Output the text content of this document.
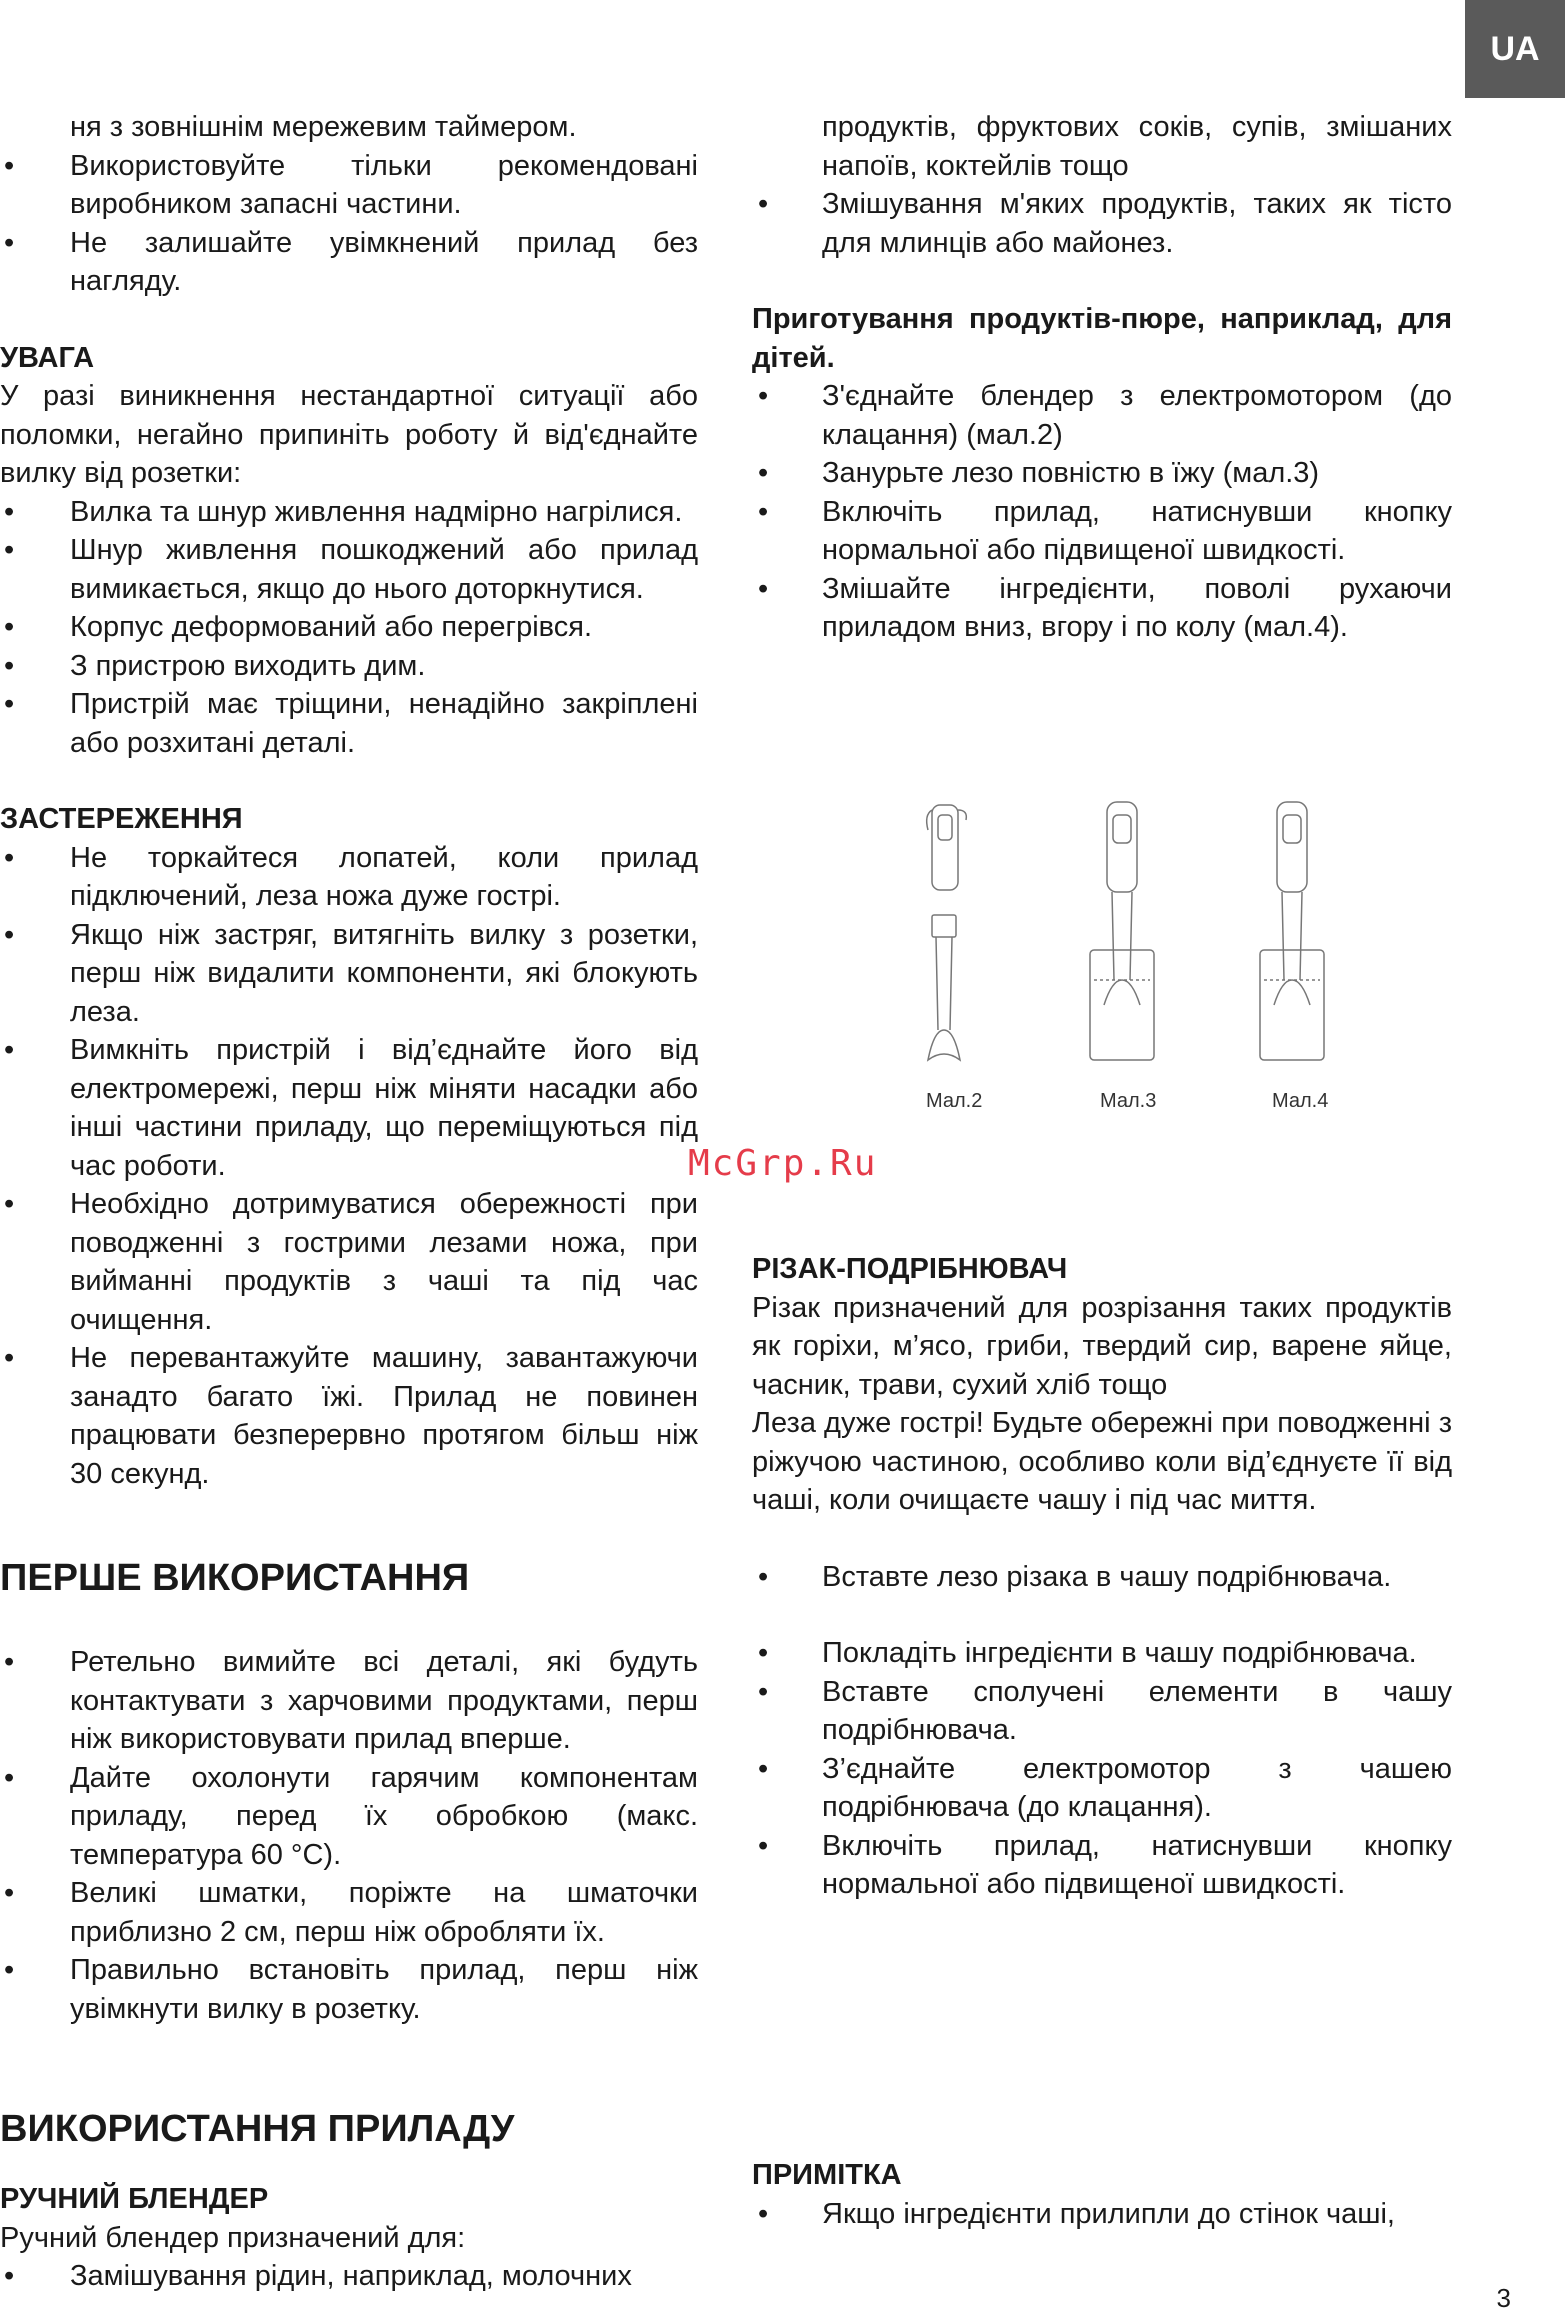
UA
ня з зовнішнім мережевим таймером.
• Використовуйте тільки рекомендовані виробником запасні частини.
• Не залишайте увімкнений прилад без нагляду.

УВАГА

У разі виникнення нестандартної ситуації або поломки, негайно припиніть роботу й від'єднайте вилку від розетки:

• Вилка та шнур живлення надмірно нагрілися.
• Шнур живлення пошкоджений або прилад вимикається, якщо до нього доторкнутися.
• Корпус деформований або перегрівся.
• З пристрою виходить дим.
• Пристрій має тріщини, ненадійно закріплені або розхитані деталі.

ЗАСТЕРЕЖЕННЯ

• Не торкайтеся лопатей, коли прилад підключений, леза ножа дуже гострі.
• Якщо ніж застряг, витягніть вилку з розетки, перш ніж видалити компоненти, які блокують леза.
• Вимкніть пристрій і від’єднайте його від електромережі, перш ніж міняти насадки або інші частини приладу, що переміщуються під час роботи.
• Необхідно дотримуватися обережності при поводженні з гострими лезами ножа, при вийманні продуктів з чаші та під час очищення.
• Не перевантажуйте машину, завантажуючи занадто багато їжі. Прилад не повинен працювати безперервно протягом більш ніж 30 секунд.

ПЕРШЕ ВИКОРИСТАННЯ

• Ретельно вимийте всі деталі, які будуть контактувати з харчовими продуктами, перш ніж використовувати прилад вперше.
• Дайте охолонути гарячим компонентам приладу, перед їх обробкою (макс. температура 60 °C).
• Великі шматки, поріжте на шматочки приблизно 2 см, перш ніж обробляти їх.
• Правильно встановіть прилад, перш ніж увімкнути вилку в розетку.

ВИКОРИСТАННЯ ПРИЛАДУ

РУЧНИЙ БЛЕНДЕР

Ручний блендер призначений для:

• Замішування рідин, наприклад, молочних
продуктів, фруктових соків, супів, змішаних напоїв, коктейлів тощо
• Змішування м'яких продуктів, таких як тісто для млинців або майонез.

Приготування продуктів-пюре, наприклад, для дітей.

• З'єднайте блендер з електромотором (до клацання) (мал.2)
• Занурьте лезо повністю в їжу (мал.3)
• Включіть прилад, натиснувши кнопку нормальної або підвищеної швидкості.
• Змішайте інгредієнти, поволі рухаючи приладом вниз, вгору і по колу (мал.4).

РІЗАК-ПОДРІБНЮВАЧ

Різак призначений для розрізання таких продуктів як горіхи, м’ясо, гриби, твердий сир, варене яйце, часник, трави, сухий хліб тощо

Леза дуже гострі! Будьте обережні при поводженні з ріжучою частиною, особливо коли від’єднуєте її від чаші, коли очищаєте чашу і під час миття.

• Вставте лезо різака в чашу подрібнювача.
• Покладіть інгредієнти в чашу подрібнювача.
• Вставте сполучені елементи в чашу подрібнювача.
• З’єднайте електромотор з чашею подрібнювача (до клацання).
• Включіть прилад, натиснувши кнопку нормальної або підвищеної швидкості.

ПРИМІТКА

• Якщо інгредієнти прилипли до стінок чаші,
Мал.2	Мал.3	Мал.4
McGrp.Ru
3
